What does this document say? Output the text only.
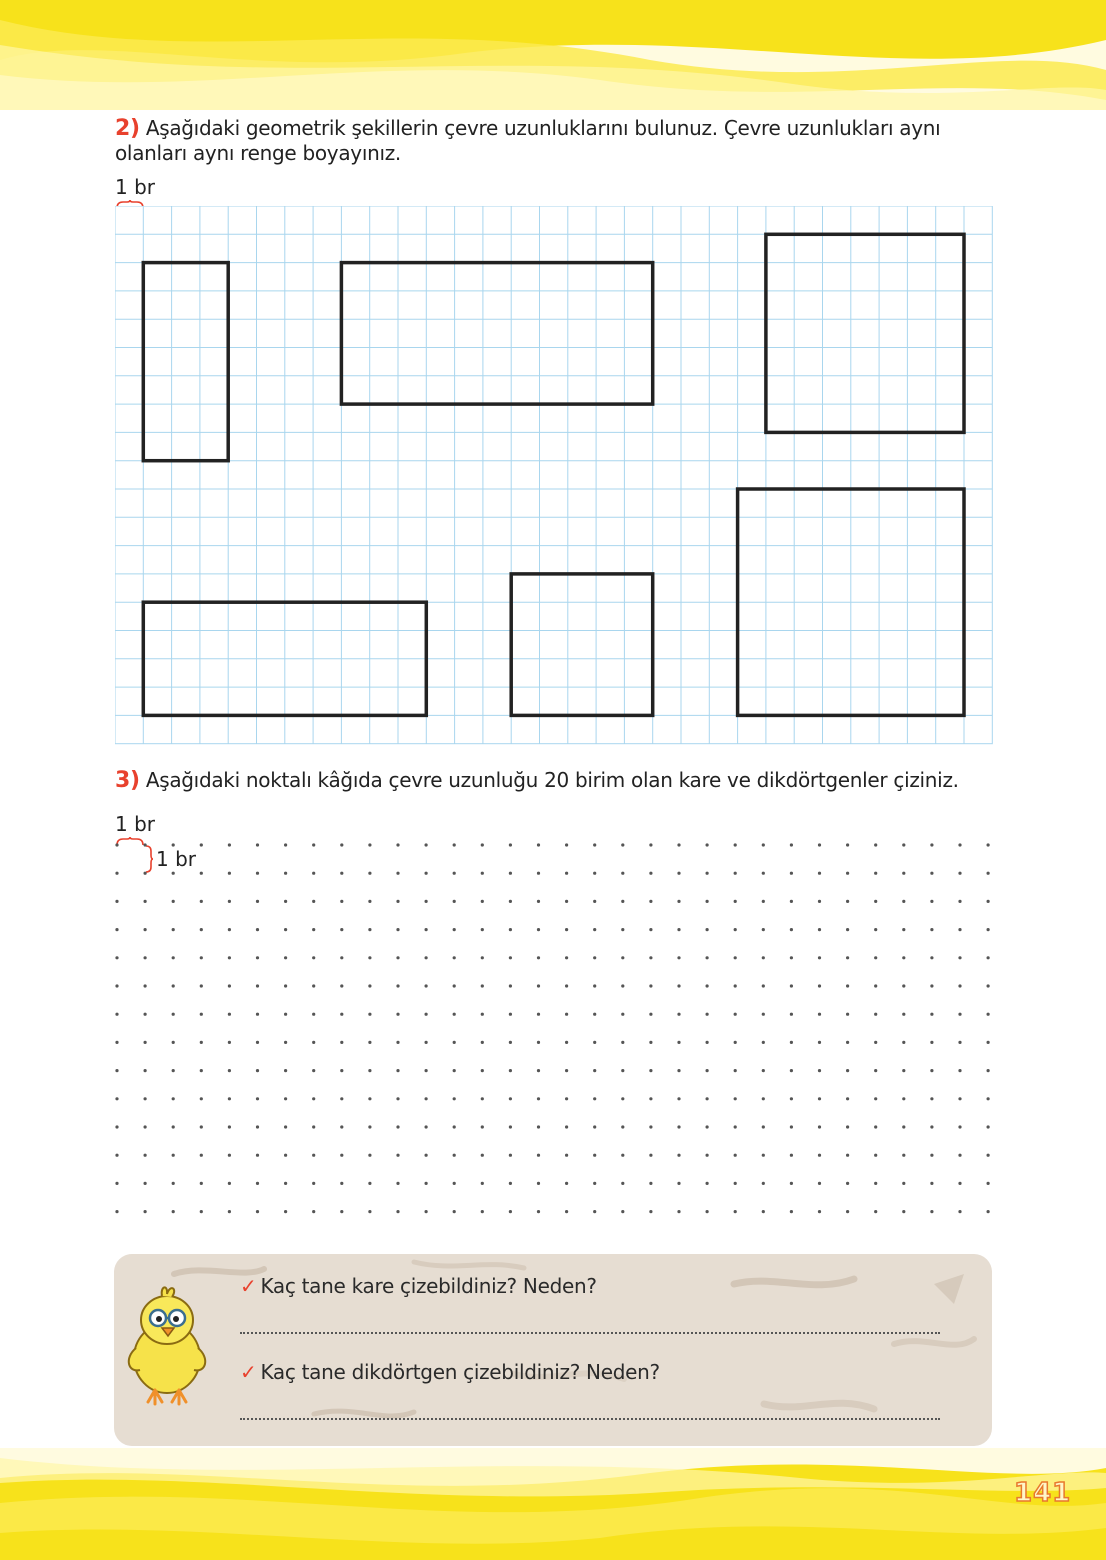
2) Aşağıdaki geometrik şekillerin çevre uzunluklarını bulunuz. Çevre uzunlukları aynı olanları aynı renge boyayınız.
1 br
3) Aşağıdaki noktalı kâğıda çevre uzunluğu 20 birim olan kare ve dikdörtgenler çiziniz.
1 br
1 br
✓ Kaç tane kare çizebildiniz? Neden?
✓ Kaç tane dikdörtgen çizebildiniz? Neden?
141
